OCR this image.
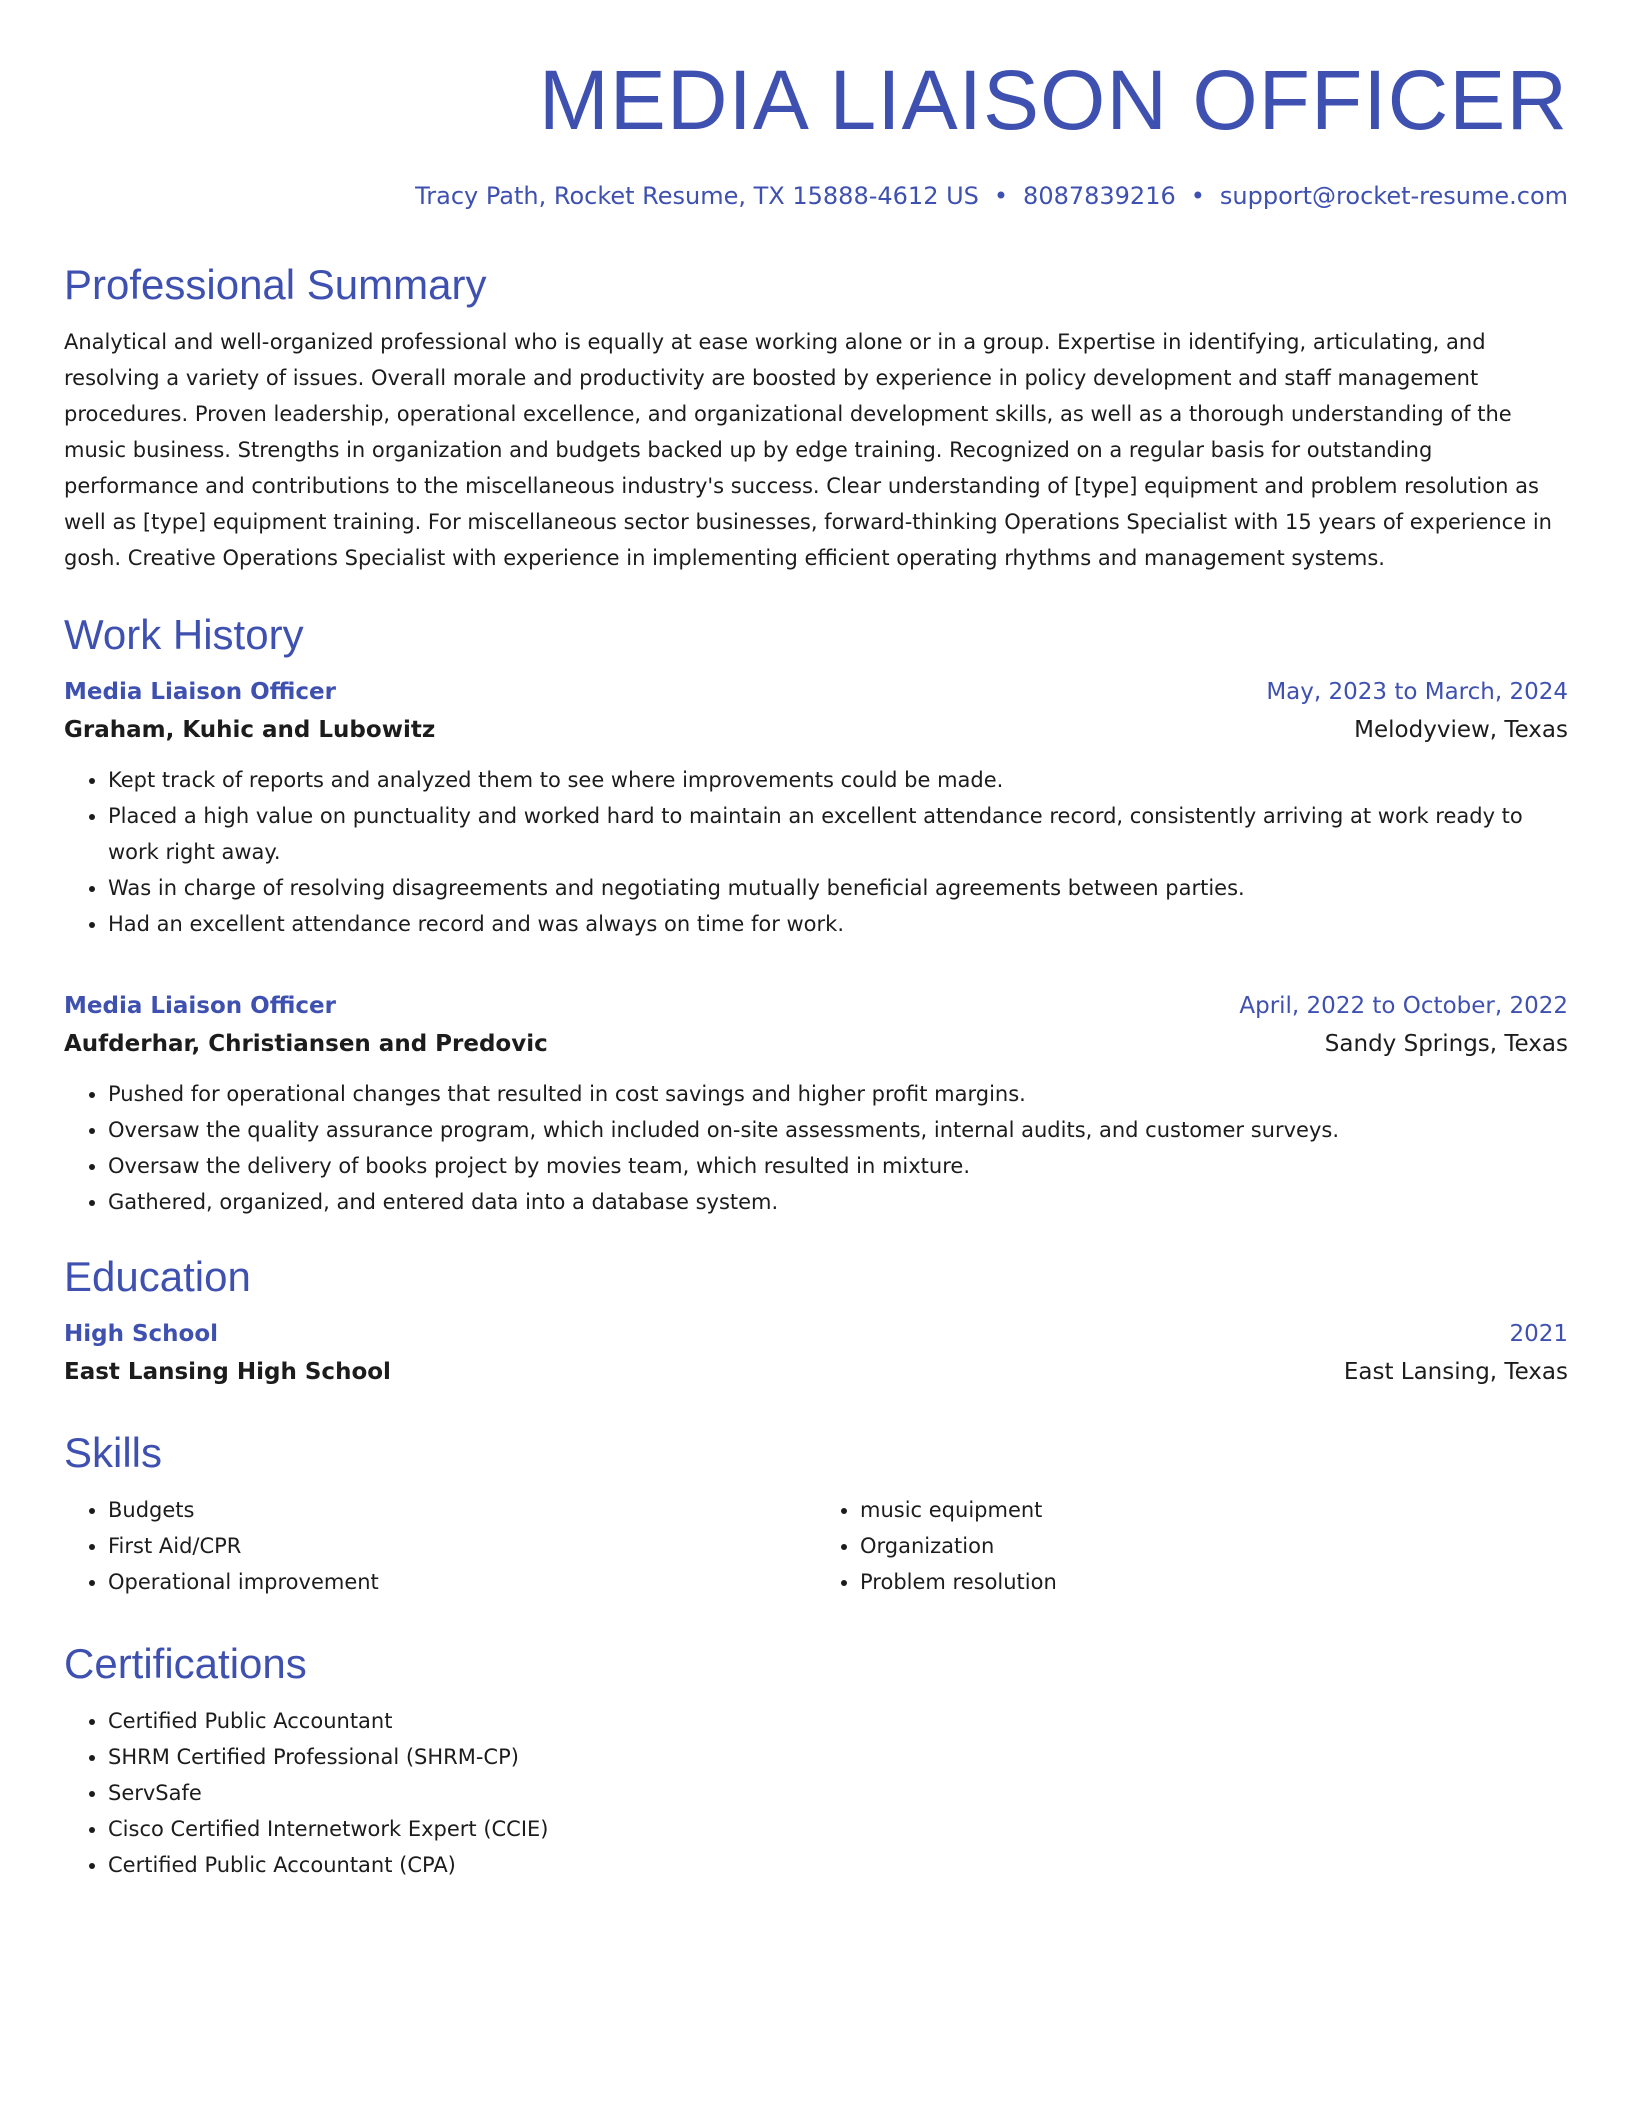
MEDIA LIAISON OFFICER
Tracy Path, Rocket Resume, TX 15888-4612 US • 8087839216 • support@rocket-resume.com
Professional Summary

Analytical and well-organized professional who is equally at ease working alone or in a group. Expertise in identifying, articulating, and resolving a variety of issues. Overall morale and productivity are boosted by experience in policy development and staff management procedures. Proven leadership, operational excellence, and organizational development skills, as well as a thorough understanding of the music business. Strengths in organization and budgets backed up by edge training. Recognized on a regular basis for outstanding performance and contributions to the miscellaneous industry's success. Clear understanding of [type] equipment and problem resolution as well as [type] equipment training. For miscellaneous sector businesses, forward-thinking Operations Specialist with 15 years of experience in gosh. Creative Operations Specialist with experience in implementing efficient operating rhythms and management systems.

Work History
Media Liaison Officer	May, 2023 to March, 2024
Graham, Kuhic and Lubowitz	Melodyview, Texas
• Kept track of reports and analyzed them to see where improvements could be made.
• Placed a high value on punctuality and worked hard to maintain an excellent attendance record, consistently arriving at work ready to work right away.
• Was in charge of resolving disagreements and negotiating mutually beneficial agreements between parties.
• Had an excellent attendance record and was always on time for work.
Media Liaison Officer	April, 2022 to October, 2022
Aufderhar, Christiansen and Predovic	Sandy Springs, Texas
• Pushed for operational changes that resulted in cost savings and higher profit margins.
• Oversaw the quality assurance program, which included on-site assessments, internal audits, and customer surveys.
• Oversaw the delivery of books project by movies team, which resulted in mixture.
• Gathered, organized, and entered data into a database system.
Education
High School	2021
East Lansing High School	East Lansing, Texas
Skills
• Budgets
• First Aid/CPR
• Operational improvement
• music equipment
• Organization
• Problem resolution
Certifications
• Certified Public Accountant
• SHRM Certified Professional (SHRM-CP)
• ServSafe
• Cisco Certified Internetwork Expert (CCIE)
• Certified Public Accountant (CPA)
